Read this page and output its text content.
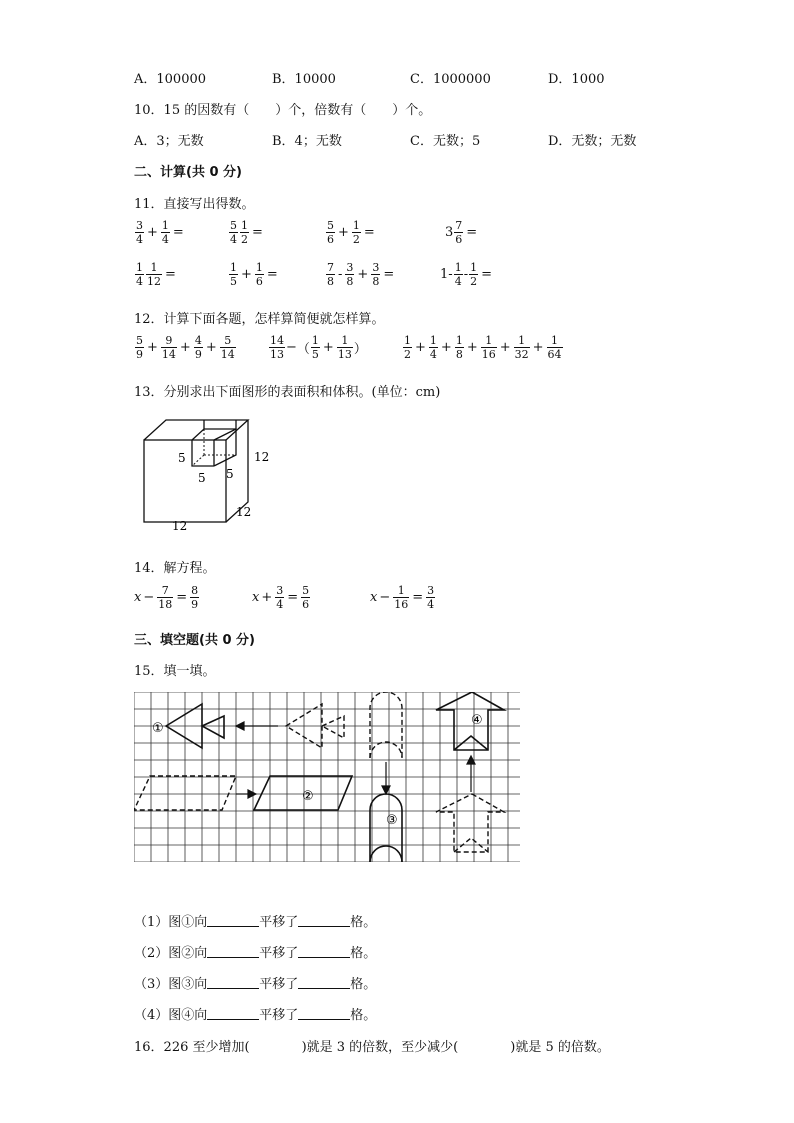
A．100000	B．10000	C．1000000	D．1000
10．15 的因数有（　　）个，倍数有（　　）个。
A．3；无数	B．4；无数	C．无数；5	D．无数；无数
二、计算(共 0 分)
11．直接写出得数。
$\frac{3}{4} + \frac{1}{4}$ =	$\frac{5}{4} \frac{1}{2}$ =	$\frac{5}{6} + \frac{1}{2}$ =	$3 \frac{7}{6}$ =
$\frac{1}{4} \frac{1}{12}$ =	$\frac{1}{5} + \frac{1}{6}$ =	$\frac{7}{8} - \frac{3}{8} + \frac{3}{8}$ =	$1 - \frac{1}{4} - \frac{1}{2}$ =
12．计算下面各题，怎样算简便就怎样算。
$\frac{5}{9} + \frac{9}{14} + \frac{4}{9} + \frac{5}{14}$	$\frac{14}{13}$ − （ $\frac{1}{5} + \frac{1}{13}$ ）	$\frac{1}{2} + \frac{1}{4} + \frac{1}{8} + \frac{1}{16} + \frac{1}{32} + \frac{1}{64}$
13．分别求出下面图形的表面积和体积。(单位：cm)
5
5 5
12
12
12
14．解方程。
$x - \frac{7}{18} = \frac{8}{9}$	$x + \frac{3}{4} = \frac{5}{6}$	$x - \frac{1}{16} = \frac{3}{4}$
三、填空题(共 0 分)
15．填一填。
①
②
③
④
（1）图①向	平移了	格。
（2）图②向	平移了	格。
（3）图③向	平移了	格。
（4）图④向	平移了	格。
16．226 至少增加(	)就是 3 的倍数，至少减少(	)就是 5 的倍数。
